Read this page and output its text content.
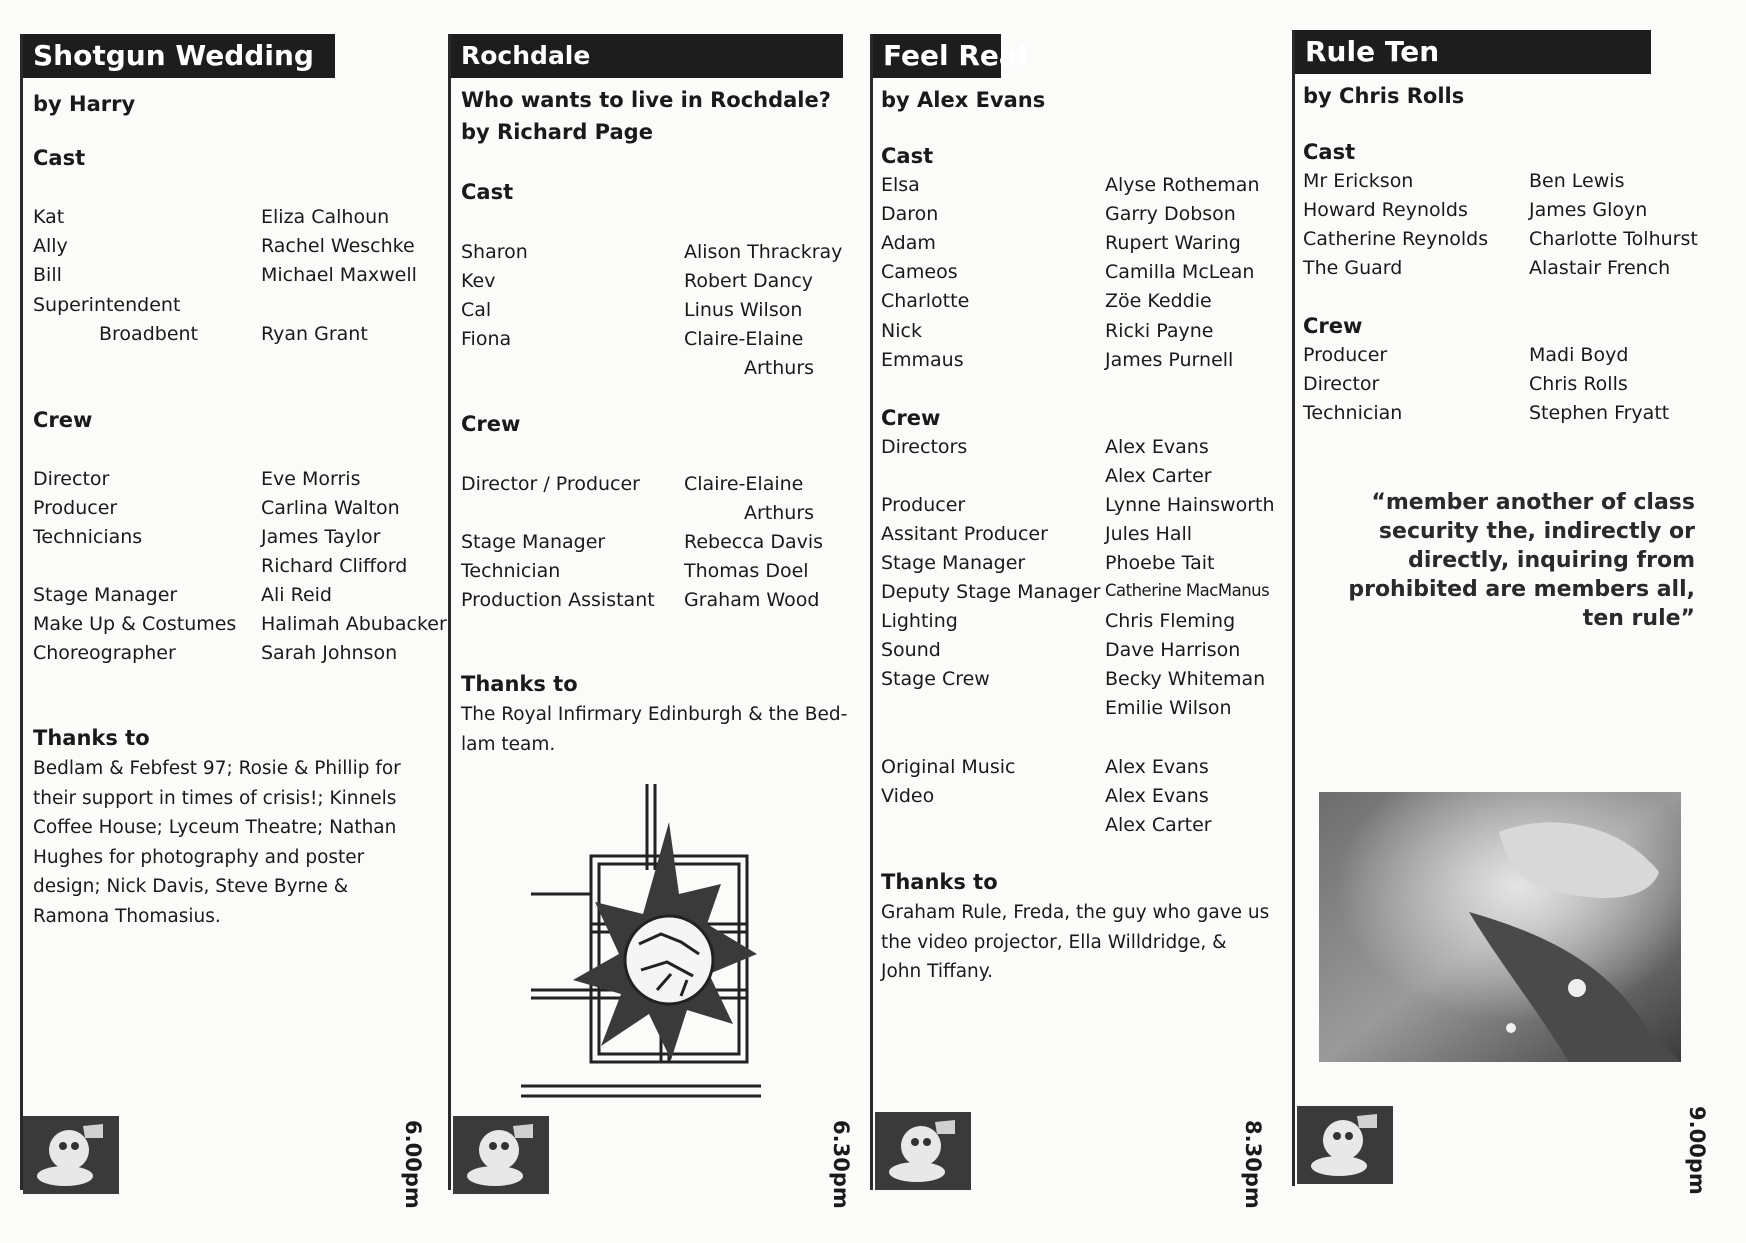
Shotgun Wedding
by Harry
Cast
Kat	Eliza Calhoun
Ally	Rachel Weschke
Bill	Michael Maxwell
Superintendent
Broadbent	Ryan Grant
Crew
Director	Eve Morris
Producer	Carlina Walton
Technicians	James Taylor
Richard Clifford
Stage Manager	Ali Reid
Make Up & Costumes Halimah Abubacker
Choreographer	Sarah Johnson
Thanks to
Bedlam & Febfest 97; Rosie & Phillip for their support in times of crisis!; Kinnels Coffee House; Lyceum Theatre; Nathan Hughes for photography and poster design; Nick Davis, Steve Byrne & Ramona Thomasius.
6.00pm
Rochdale
Who wants to live in Rochdale?
by Richard Page
Cast
Sharon	Alison Thrackray
Kev	Robert Dancy
Cal	Linus Wilson
Fiona	Claire-Elaine
Arthurs
Crew
Director / Producer Claire-Elaine
Arthurs
Stage Manager	Rebecca Davis
Technician	Thomas Doel
Production Assistant Graham Wood
Thanks to
The Royal Infirmary Edinburgh & the Bed-lam team.
6.30pm
Feel Real
by Alex Evans
Cast
Elsa	Alyse Rotheman
Daron	Garry Dobson
Adam	Rupert Waring
Cameos	Camilla McLean
Charlotte	Zöe Keddie
Nick	Ricki Payne
Emmaus	James Purnell
Crew
Directors	Alex Evans
Alex Carter
Producer	Lynne Hainsworth
Assitant Producer	Jules Hall
Stage Manager	Phoebe Tait
Deputy Stage Manager Catherine MacManus
Lighting	Chris Fleming
Sound	Dave Harrison
Stage Crew	Becky Whiteman
Emilie Wilson
Original Music	Alex Evans
Video	Alex Evans
Alex Carter
Thanks to
Graham Rule, Freda, the guy who gave us the video projector, Ella Willdridge, & John Tiffany.
8.30pm
Rule Ten
by Chris Rolls
Cast
Mr Erickson	Ben Lewis
Howard Reynolds	James Gloyn
Catherine Reynolds Charlotte Tolhurst
The Guard	Alastair French
Crew
Producer	Madi Boyd
Director	Chris Rolls
Technician	Stephen Fryatt
“member another of class security the, indirectly or directly, inquiring from prohibited are members all, ten rule”
9.00pm
